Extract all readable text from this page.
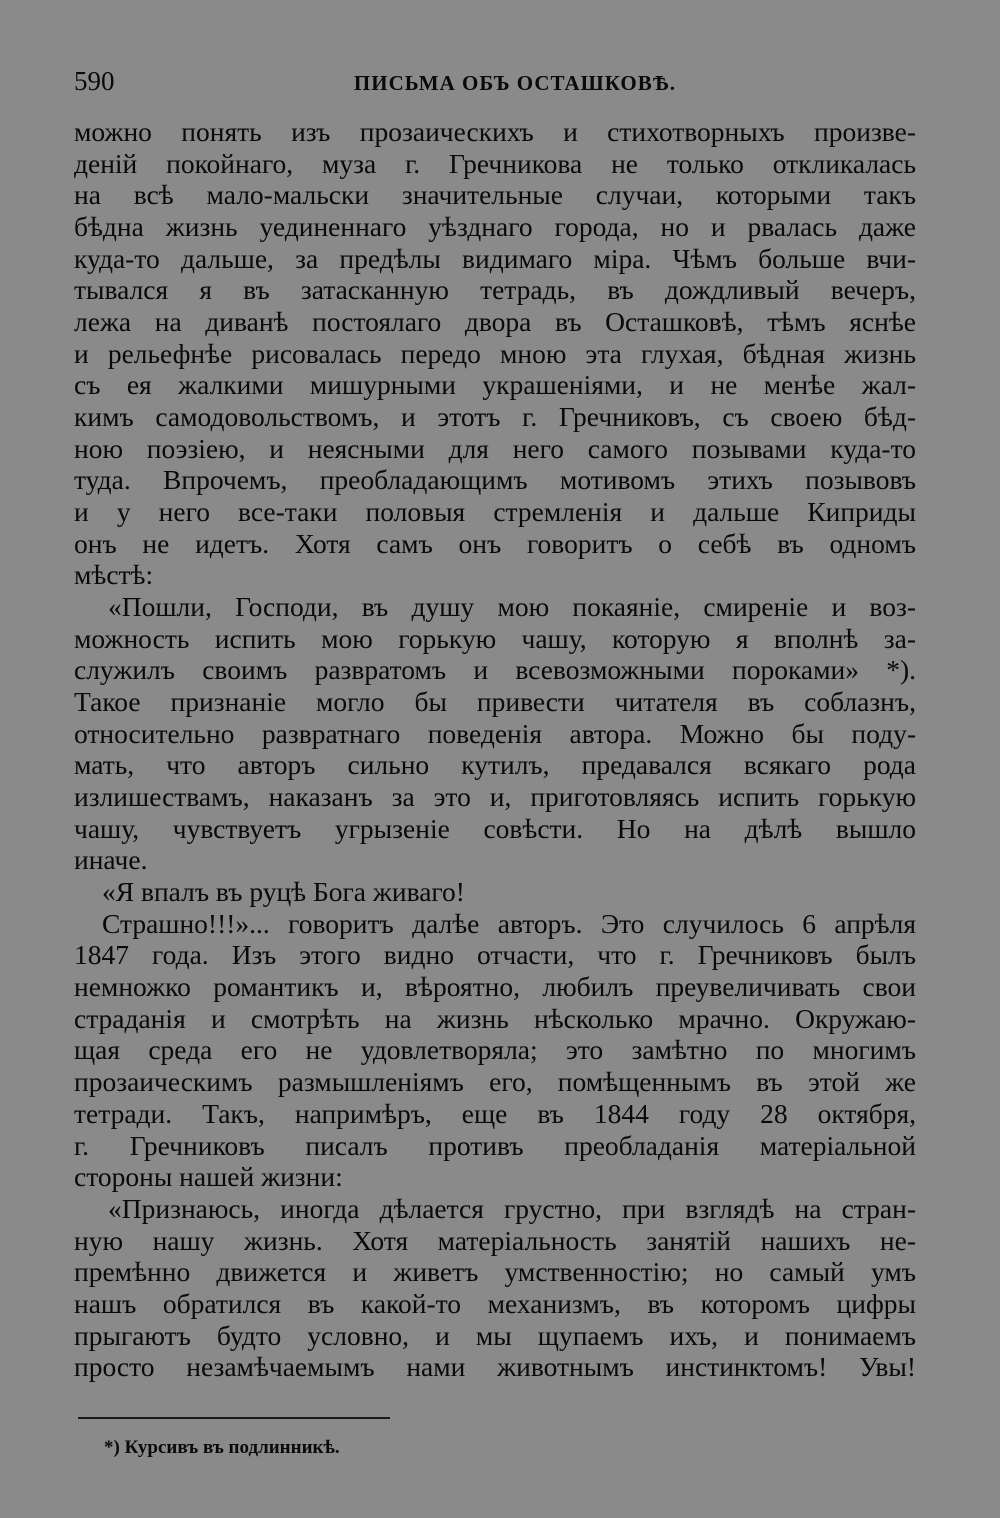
590	ПИСЬМА ОБЪ ОСТАШКОВѢ.
можно понять изъ прозаическихъ и стихотворныхъ произве-
деній покойнаго, муза г. Гречникова не только откликалась
на всѣ мало-мальски значительные случаи, которыми такъ
бѣдна жизнь уединеннаго уѣзднаго города, но и рвалась даже
куда-то дальше, за предѣлы видимаго міра. Чѣмъ больше вчи-
тывался я въ затасканную тетрадь, въ дождливый вечеръ,
лежа на диванѣ постоялаго двора въ Осташковѣ, тѣмъ яснѣе
и рельефнѣе рисовалась передо мною эта глухая, бѣдная жизнь
съ ея жалкими мишурными украшеніями, и не менѣе жал-
кимъ самодовольствомъ, и этотъ г. Гречниковъ, съ своею бѣд-
ною поэзіею, и неясными для него самого позывами куда-то
туда. Впрочемъ, преобладающимъ мотивомъ этихъ позывовъ
и у него все-таки половыя стремленія и дальше Киприды
онъ не идетъ. Хотя самъ онъ говоритъ о себѣ въ одномъ
мѣстѣ:
«Пошли, Господи, въ душу мою покаяніе, смиреніе и воз-
можность испить мою горькую чашу, которую я вполнѣ за-
служилъ своимъ развратомъ и всевозможными пороками» *).
Такое признаніе могло бы привести читателя въ соблазнъ,
относительно развратнаго поведенія автора. Можно бы поду-
мать, что авторъ сильно кутилъ, предавался всякаго рода
излишествамъ, наказанъ за это и, приготовляясь испить горькую
чашу, чувствуетъ угрызеніе совѣсти. Но на дѣлѣ вышло
иначе.
«Я впалъ въ руцѣ Бога живаго!
Страшно!!!»... говоритъ далѣе авторъ. Это случилось 6 апрѣля
1847 года. Изъ этого видно отчасти, что г. Гречниковъ былъ
немножко романтикъ и, вѣроятно, любилъ преувеличивать свои
страданія и смотрѣть на жизнь нѣсколько мрачно. Окружаю-
щая среда его не удовлетворяла; это замѣтно по многимъ
прозаическимъ размышленіямъ его, помѣщеннымъ въ этой же
тетради. Такъ, напримѣръ, еще въ 1844 году 28 октября,
г. Гречниковъ писалъ противъ преобладанія матеріальной
стороны нашей жизни:
«Признаюсь, иногда дѣлается грустно, при взглядѣ на стран-
ную нашу жизнь. Хотя матеріальность занятій нашихъ не-
премѣнно движется и живетъ умственностію; но самый умъ
нашъ обратился въ какой-то механизмъ, въ которомъ цифры
прыгаютъ будто условно, и мы щупаемъ ихъ, и понимаемъ
просто незамѣчаемымъ нами животнымъ инстинктомъ! Увы!
*) Курсивъ въ подлинникѣ.
